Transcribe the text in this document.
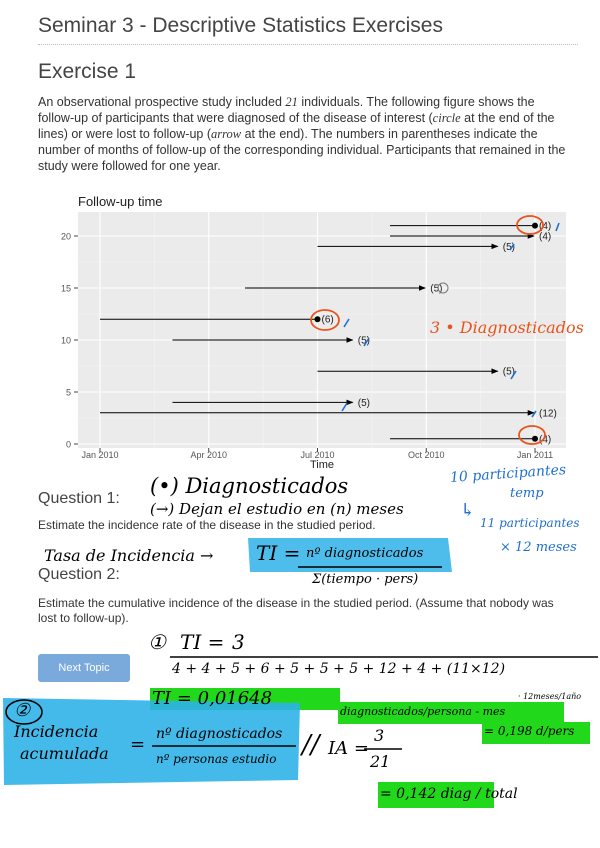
Seminar 3 - Descriptive Statistics Exercises
Exercise 1
An observational prospective study included 21 individuals. The following figure shows the follow-up of participants that were diagnosed of the disease of interest (circle at the end of the lines) or were lost to follow-up (arrow at the end). The numbers in parentheses indicate the number of months of follow-up of the corresponding individual. Participants that remained in the study were followed for one year.
Follow-up time
0
5
10
15
20
Jan 2010	Apr 2010	Jul 2010	Oct 2010	Jan 2011
(4)
(4)
(5)
(5)
(6)
(5)
(5)
(5)
(12)
(4)
Time
(•) Diagnosticados
(→) Dejan el estudio en (n) meses
3 • Diagnosticados
10 participantes
temp
↳
11 participantes
× 12 meses
Question 1:
Estimate the incidence rate of the disease in the studied period.
Tasa de Incidencia → TI = nº diagnosticados
Σ(tiempo · pers)
Question 2:
Estimate the cumulative incidence of the disease in the studied period. (Assume that nobody was lost to follow-up).
Next Topic
① TI = 3
4 + 4 + 5 + 6 + 5 + 5 + 5 + 12 + 4 + (11×12)
TI = 0,01648
diagnosticados/persona - mes
· 12meses/1año
= 0,198 d/pers
②
Incidencia
acumulada = nº diagnosticados
nº personas estudio // IA =
3
21
= 0,142 diag / total
